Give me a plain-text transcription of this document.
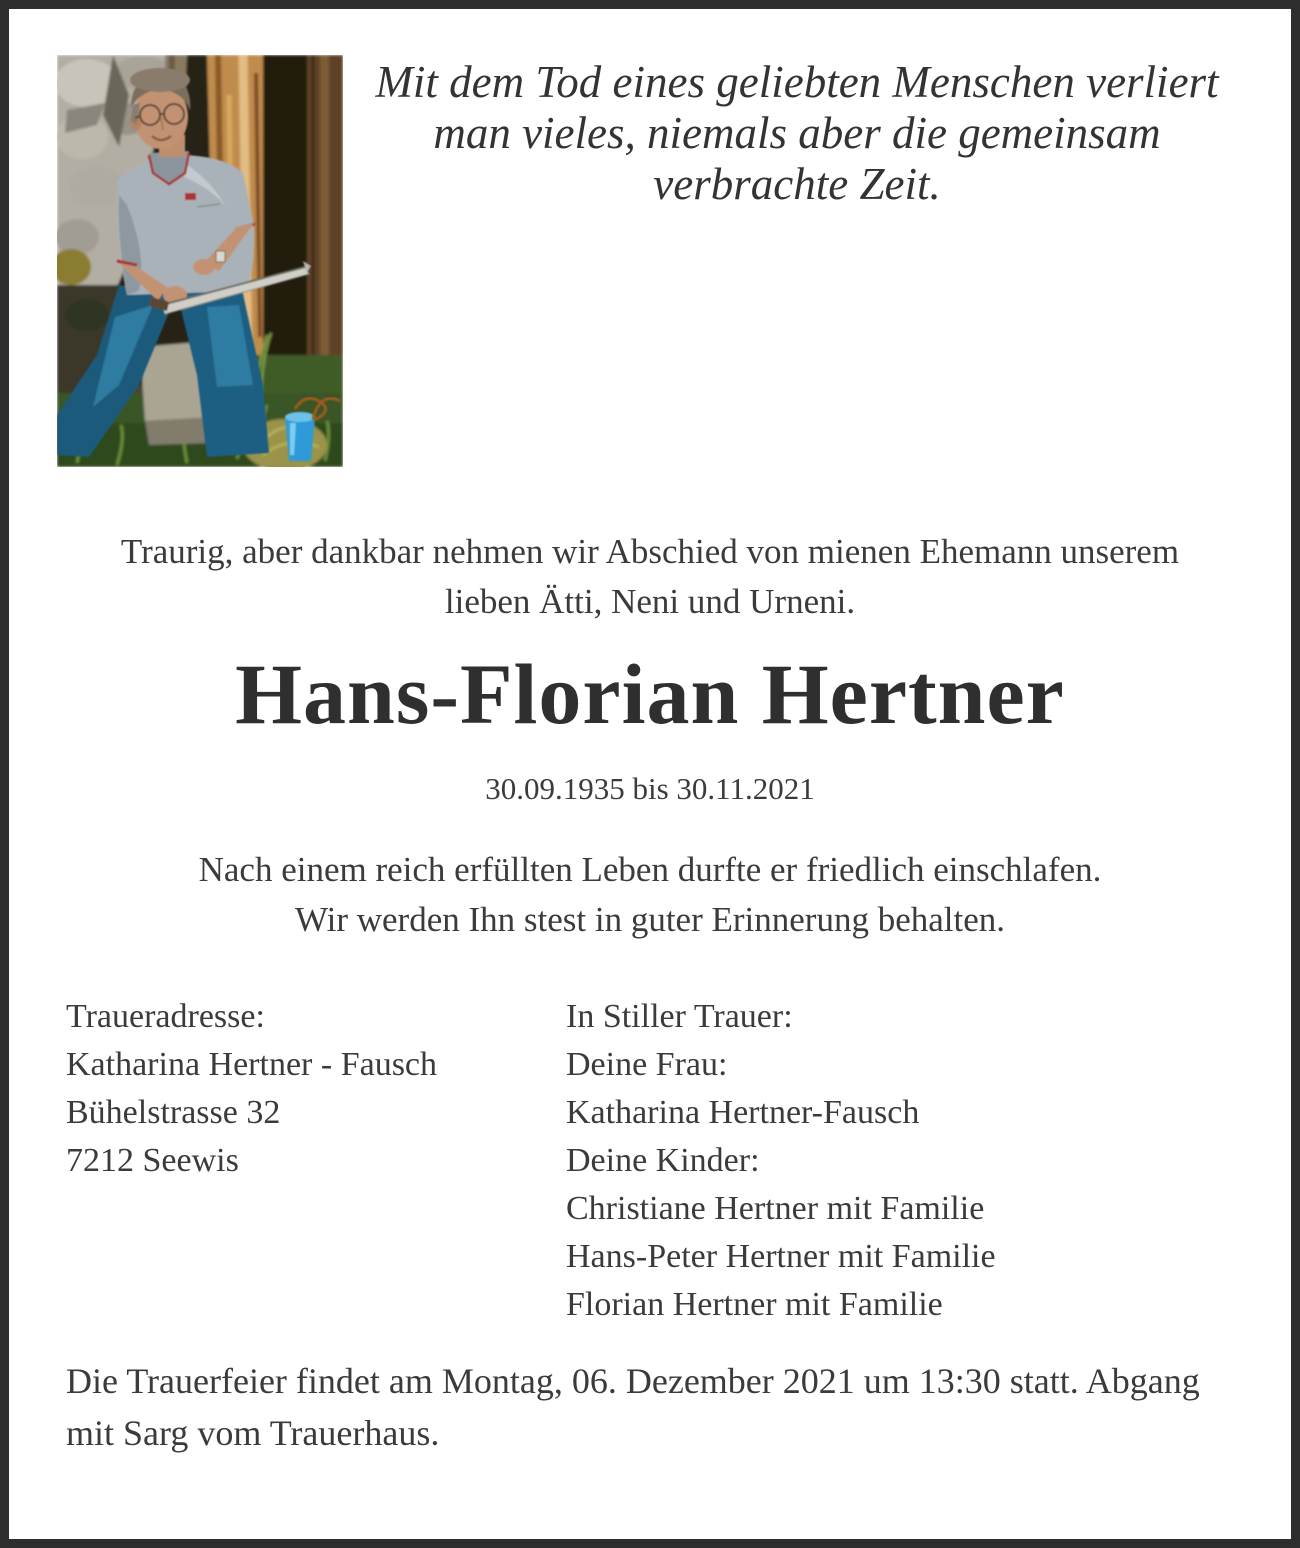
Mit dem Tod eines geliebten Menschen verliert
man vieles, niemals aber die gemeinsam
verbrachte Zeit.
Traurig, aber dankbar nehmen wir Abschied von mienen Ehemann unserem
lieben Ätti, Neni und Urneni.
Hans-Florian Hertner
30.09.1935 bis 30.11.2021
Nach einem reich erfüllten Leben durfte er friedlich einschlafen.
Wir werden Ihn stest in guter Erinnerung behalten.
Traueradresse:
Katharina Hertner - Fausch
Bühelstrasse 32
7212 Seewis
In Stiller Trauer:
Deine Frau:
Katharina Hertner-Fausch
Deine Kinder:
Christiane Hertner mit Familie
Hans-Peter Hertner mit Familie
Florian Hertner mit Familie
Die Trauerfeier findet am Montag, 06. Dezember 2021 um 13:30 statt. Abgang
mit Sarg vom Trauerhaus.
